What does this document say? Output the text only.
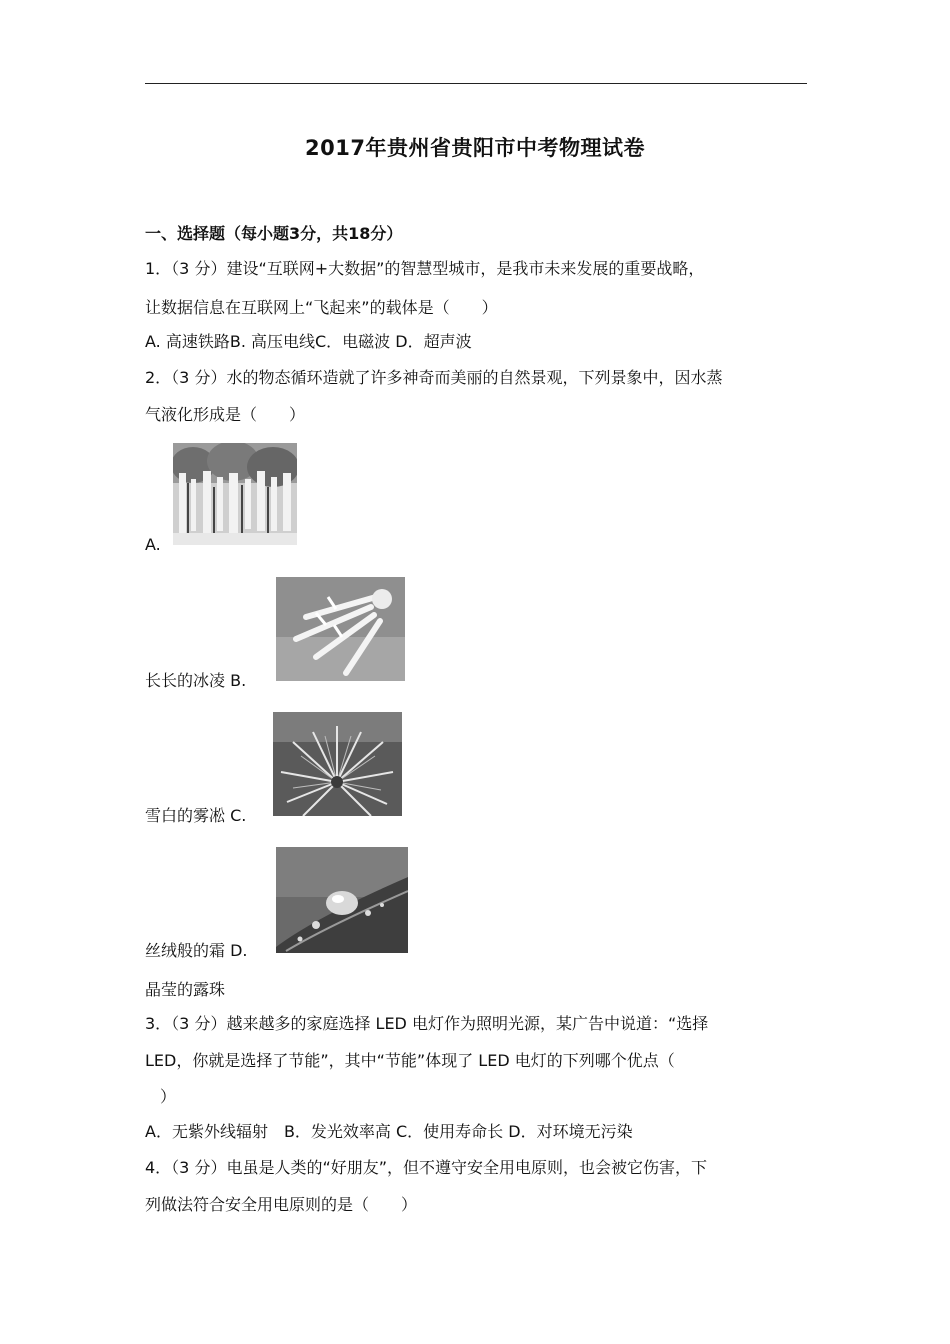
2017年贵州省贵阳市中考物理试卷
一、选择题（每小题3分，共18分）
1．（3 分）建设“互联网+大数据”的智慧型城市，是我市未来发展的重要战略，
让数据信息在互联网上“飞起来”的载体是（　　）
A. 高速铁路B. 高压电线C．电磁波 D．超声波
2．（3 分）水的物态循环造就了许多神奇而美丽的自然景观，下列景象中，因水蒸
气液化形成是（　　）
A.
长长的冰凌 B.
雪白的雾凇 C.
丝绒般的霜 D.
晶莹的露珠
3．（3 分）越来越多的家庭选择 LED 电灯作为照明光源，某广告中说道：“选择
LED，你就是选择了节能”，其中“节能”体现了 LED 电灯的下列哪个优点（
）
A．无紫外线辐射　B．发光效率高 C．使用寿命长 D．对环境无污染
4．（3 分）电虽是人类的“好朋友”，但不遵守安全用电原则，也会被它伤害，下
列做法符合安全用电原则的是（　　）
